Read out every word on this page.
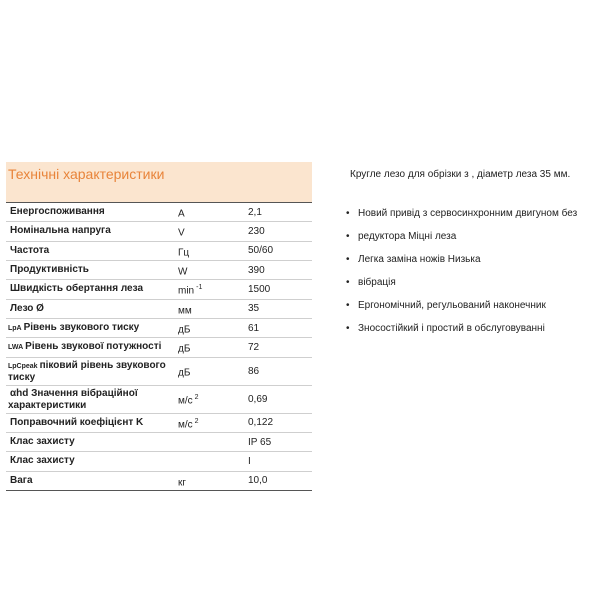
Технічні характеристики
Енергоспоживання	A	2,1
Номінальна напруга	V	230
Частота	Гц	50/60
Продуктивність	W	390
Швидкість обертання леза	min $^{-1}$	1500
Лезо Ø	мм	35
LpA Рівень звукового тиску	дБ	61
LWA Рівень звукової потужності	дБ	72
LpCpeak піковий рівень звукового тиску	дБ	86
αhd Значення вібраційної характеристики	м/с $^2$	0,69
Поправочний коефіцієнт K	м/с $^2$	0,122
Клас захисту		IP 65
Клас захисту		I
Вага	кг	10,0
Круглe лезо для обрізки з , діаметр леза 35 мм.
• Новий привід з сервосинхронним двигуном без
• редуктора Міцні леза
• Легка заміна ножів Низька
• вібрація
• Ергономічний, регульований наконечник
• Зносостійкий і простий в обслуговуванні
